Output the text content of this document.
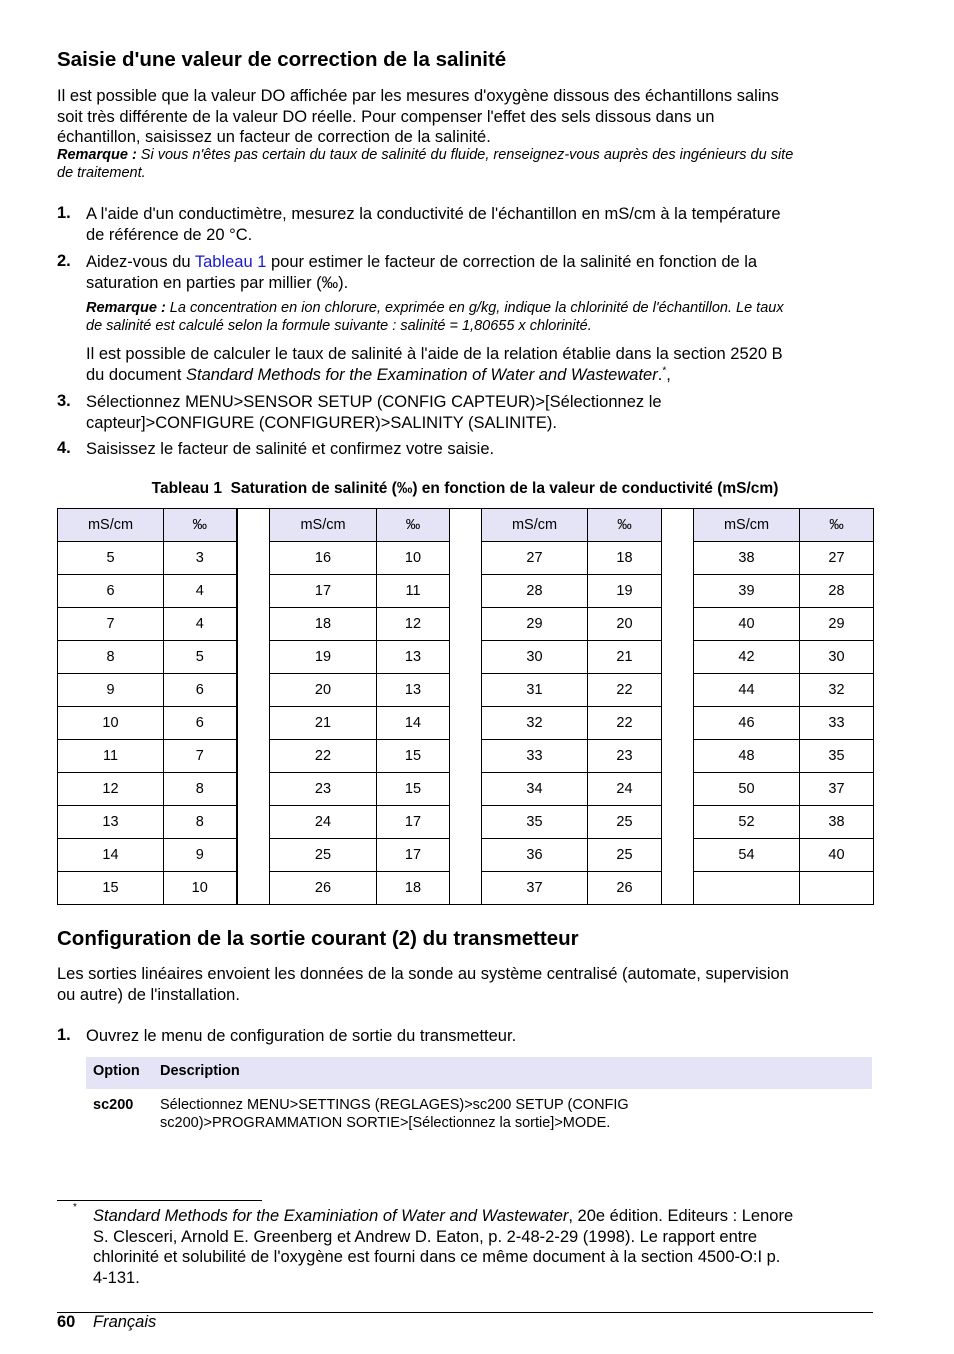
Saisie d'une valeur de correction de la salinité
Il est possible que la valeur DO affichée par les mesures d'oxygène dissous des échantillons salins
soit très différente de la valeur DO réelle. Pour compenser l'effet des sels dissous dans un
échantillon, saisissez un facteur de correction de la salinité.
Remarque : Si vous n'êtes pas certain du taux de salinité du fluide, renseignez-vous auprès des ingénieurs du site
de traitement.
1. A l'aide d'un conductimètre, mesurez la conductivité de l'échantillon en mS/cm à la température
de référence de 20 °C.
2. Aidez-vous du Tableau 1 pour estimer le facteur de correction de la salinité en fonction de la
saturation en parties par millier (‰).
Remarque : La concentration en ion chlorure, exprimée en g/kg, indique la chlorinité de l'échantillon. Le taux
de salinité est calculé selon la formule suivante : salinité = 1,80655 x chlorinité.
Il est possible de calculer le taux de salinité à l'aide de la relation établie dans la section 2520 B
du document Standard Methods for the Examination of Water and Wastewater.*,
3. Sélectionnez MENU>SENSOR SETUP (CONFIG CAPTEUR)>[Sélectionnez le
capteur]>CONFIGURE (CONFIGURER)>SALINITY (SALINITE).
4. Saisissez le facteur de salinité et confirmez votre saisie.
Tableau 1 Saturation de salinité (‰) en fonction de la valeur de conductivité (mS/cm)
mS/cm	‰		mS/cm	‰		mS/cm	‰		mS/cm	‰
5	3		16	10		27	18		38	27
6	4		17	11		28	19		39	28
7	4		18	12		29	20		40	29
8	5		19	13		30	21		42	30
9	6		20	13		31	22		44	32
10	6		21	14		32	22		46	33
11	7		22	15		33	23		48	35
12	8		23	15		34	24		50	37
13	8		24	17		35	25		52	38
14	9		25	17		36	25		54	40
15	10		26	18		37	26			
Configuration de la sortie courant (2) du transmetteur
Les sorties linéaires envoient les données de la sonde au système centralisé (automate, supervision
ou autre) de l'installation.
1. Ouvrez le menu de configuration de sortie du transmetteur.
Option Description
sc200 Sélectionnez MENU>SETTINGS (REGLAGES)>sc200 SETUP (CONFIG
sc200)>PROGRAMMATION SORTIE>[Sélectionnez la sortie]>MODE.
* Standard Methods for the Examiniation of Water and Wastewater, 20e édition. Editeurs : Lenore
S. Clesceri, Arnold E. Greenberg et Andrew D. Eaton, p. 2-48-2-29 (1998). Le rapport entre
chlorinité et solubilité de l'oxygène est fourni dans ce même document à la section 4500-O:I p.
4-131.
60 Français
